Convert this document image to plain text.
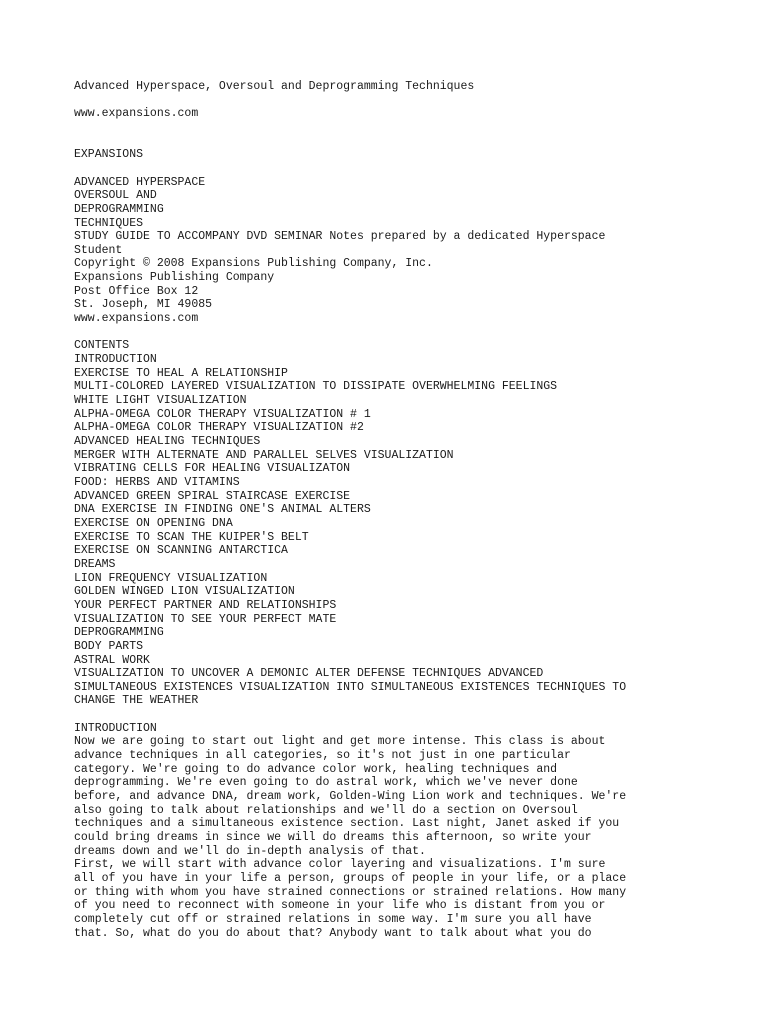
Advanced Hyperspace, Oversoul and Deprogramming Techniques
www.expansions.com
EXPANSIONS
ADVANCED HYPERSPACE
OVERSOUL AND
DEPROGRAMMING
TECHNIQUES
STUDY GUIDE TO ACCOMPANY DVD SEMINAR Notes prepared by a dedicated Hyperspace
Student
Copyright © 2008 Expansions Publishing Company, Inc.
Expansions Publishing Company
Post Office Box 12
St. Joseph, MI 49085
www.expansions.com
CONTENTS
INTRODUCTION
EXERCISE TO HEAL A RELATIONSHIP
MULTI-COLORED LAYERED VISUALIZATION TO DISSIPATE OVERWHELMING FEELINGS
WHITE LIGHT VISUALIZATION
ALPHA-OMEGA COLOR THERAPY VISUALIZATION # 1
ALPHA-OMEGA COLOR THERAPY VISUALIZATION #2
ADVANCED HEALING TECHNIQUES
MERGER WITH ALTERNATE AND PARALLEL SELVES VISUALIZATION
VIBRATING CELLS FOR HEALING VISUALIZATON
FOOD: HERBS AND VITAMINS
ADVANCED GREEN SPIRAL STAIRCASE EXERCISE
DNA EXERCISE IN FINDING ONE'S ANIMAL ALTERS
EXERCISE ON OPENING DNA
EXERCISE TO SCAN THE KUIPER'S BELT
EXERCISE ON SCANNING ANTARCTICA
DREAMS
LION FREQUENCY VISUALIZATION
GOLDEN WINGED LION VISUALIZATION
YOUR PERFECT PARTNER AND RELATIONSHIPS
VISUALIZATION TO SEE YOUR PERFECT MATE
DEPROGRAMMING
BODY PARTS
ASTRAL WORK
VISUALIZATION TO UNCOVER A DEMONIC ALTER DEFENSE TECHNIQUES ADVANCED
SIMULTANEOUS EXISTENCES VISUALIZATION INTO SIMULTANEOUS EXISTENCES TECHNIQUES TO
CHANGE THE WEATHER
INTRODUCTION
Now we are going to start out light and get more intense. This class is about
advance techniques in all categories, so it's not just in one particular
category. We're going to do advance color work, healing techniques and
deprogramming. We're even going to do astral work, which we've never done
before, and advance DNA, dream work, Golden-Wing Lion work and techniques. We're
also going to talk about relationships and we'll do a section on Oversoul
techniques and a simultaneous existence section. Last night, Janet asked if you
could bring dreams in since we will do dreams this afternoon, so write your
dreams down and we'll do in-depth analysis of that.
First, we will start with advance color layering and visualizations. I'm sure
all of you have in your life a person, groups of people in your life, or a place
or thing with whom you have strained connections or strained relations. How many
of you need to reconnect with someone in your life who is distant from you or
completely cut off or strained relations in some way. I'm sure you all have
that. So, what do you do about that? Anybody want to talk about what you do
